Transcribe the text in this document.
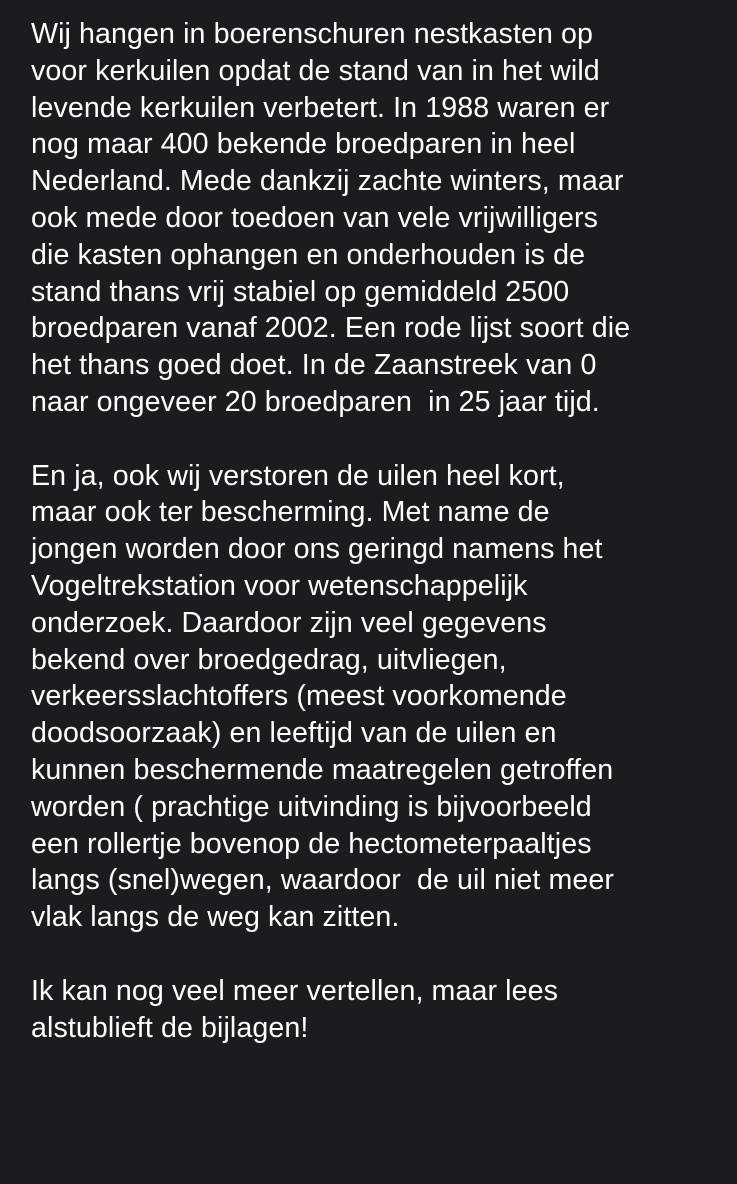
Wij hangen in boerenschuren nestkasten op
voor kerkuilen opdat de stand van in het wild
levende kerkuilen verbetert. In 1988 waren er
nog maar 400 bekende broedparen in heel
Nederland. Mede dankzij zachte winters, maar
ook mede door toedoen van vele vrijwilligers
die kasten ophangen en onderhouden is de
stand thans vrij stabiel op gemiddeld 2500
broedparen vanaf 2002. Een rode lijst soort die
het thans goed doet. In de Zaanstreek van 0
naar ongeveer 20 broedparen  in 25 jaar tijd.

En ja, ook wij verstoren de uilen heel kort,
maar ook ter bescherming. Met name de
jongen worden door ons geringd namens het
Vogeltrekstation voor wetenschappelijk
onderzoek. Daardoor zijn veel gegevens
bekend over broedgedrag, uitvliegen,
verkeersslachtoffers (meest voorkomende
doodsoorzaak) en leeftijd van de uilen en
kunnen beschermende maatregelen getroffen
worden ( prachtige uitvinding is bijvoorbeeld
een rollertje bovenop de hectometerpaaltjes
langs (snel)wegen, waardoor  de uil niet meer
vlak langs de weg kan zitten.

Ik kan nog veel meer vertellen, maar lees
alstublieft de bijlagen!
